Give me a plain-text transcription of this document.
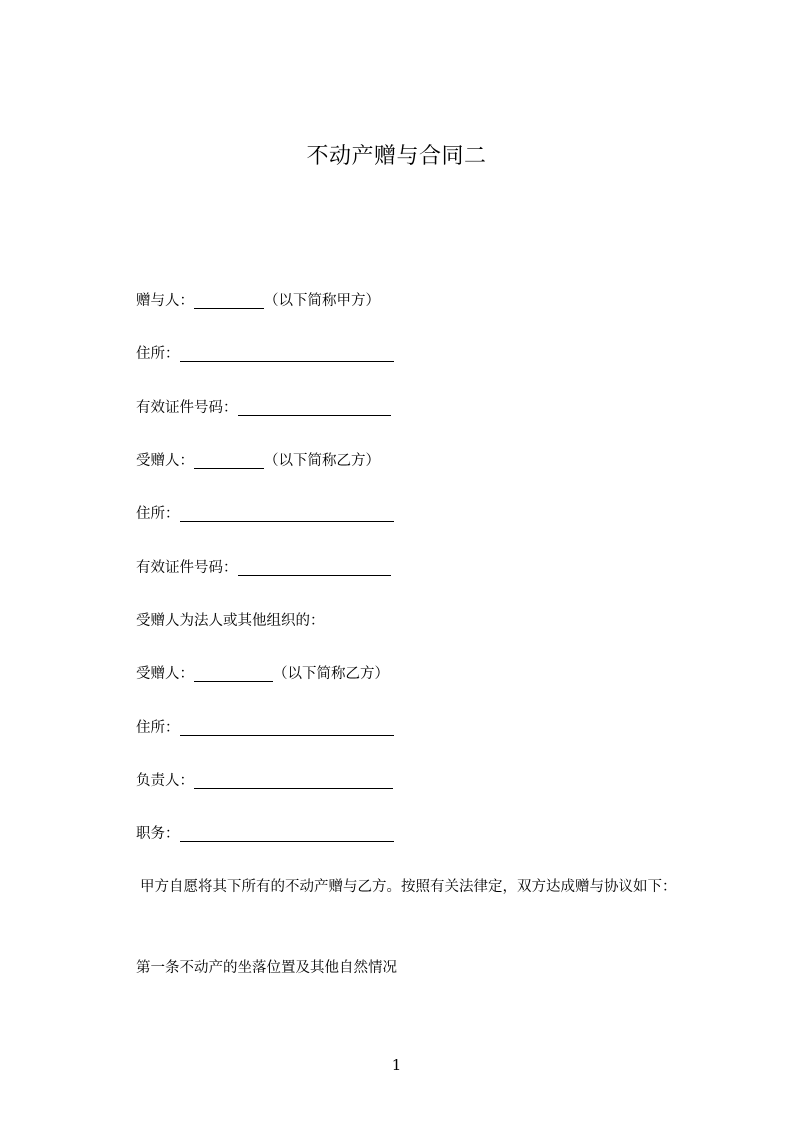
不动产赠与合同二
赠与人：	（以下简称甲方）
住所：
有效证件号码：
受赠人：	（以下简称乙方）
住所：
有效证件号码：
受赠人为法人或其他组织的：
受赠人：	（以下简称乙方）
住所：
负责人：
职务：
甲方自愿将其下所有的不动产赠与乙方。按照有关法律定，双方达成赠与协议如下：
第一条不动产的坐落位置及其他自然情况
1
